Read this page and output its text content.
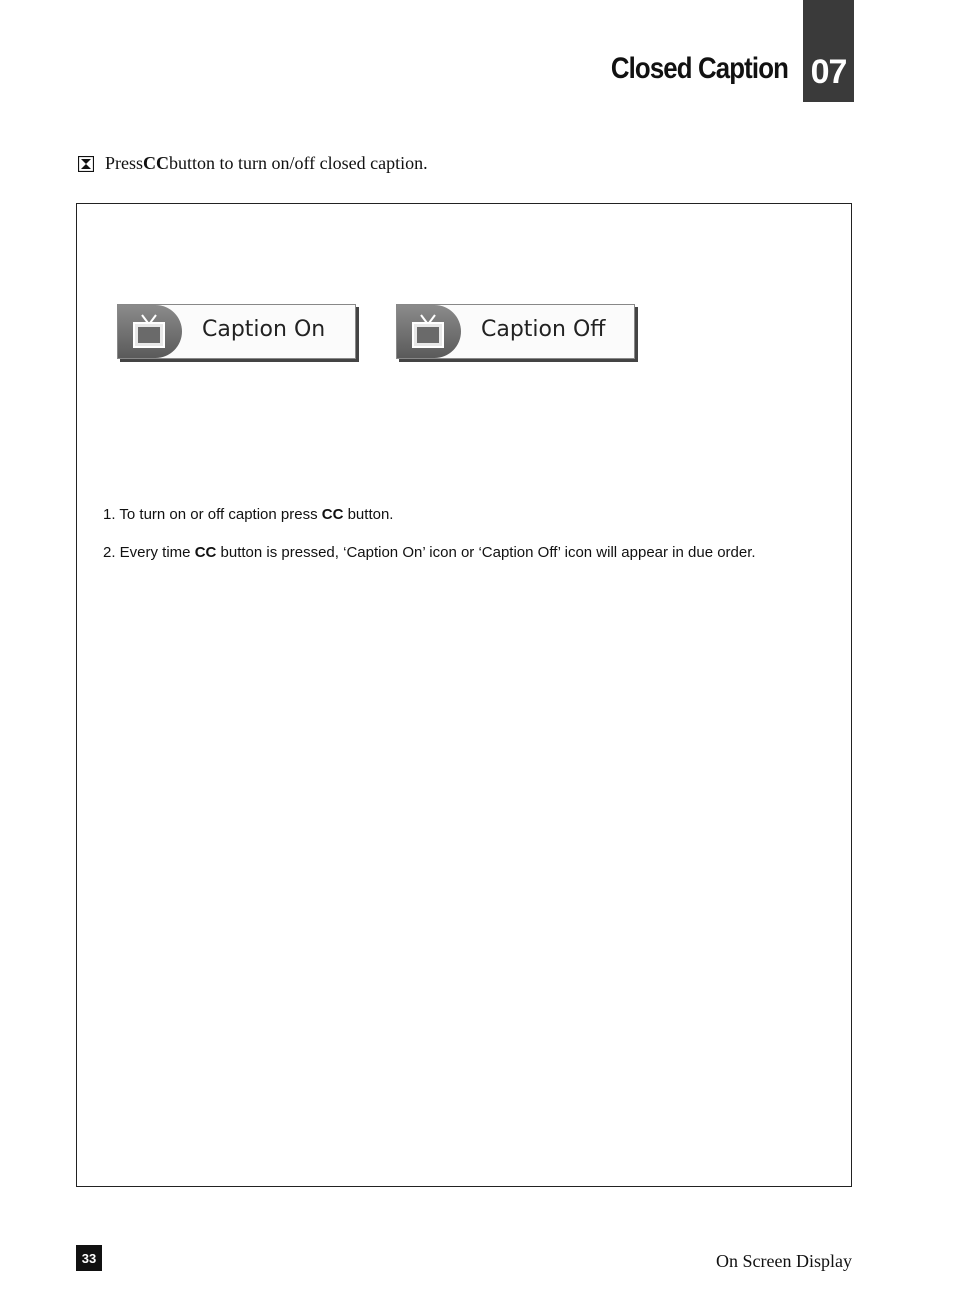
Closed Caption 07
Press CC button to turn on/off closed caption.
Caption On	Caption Off

1. To turn on or off caption press CC button.

2. Every time CC button is pressed, ‘Caption On’ icon or ‘Caption Off’ icon will appear in due order.

33	On Screen Display
